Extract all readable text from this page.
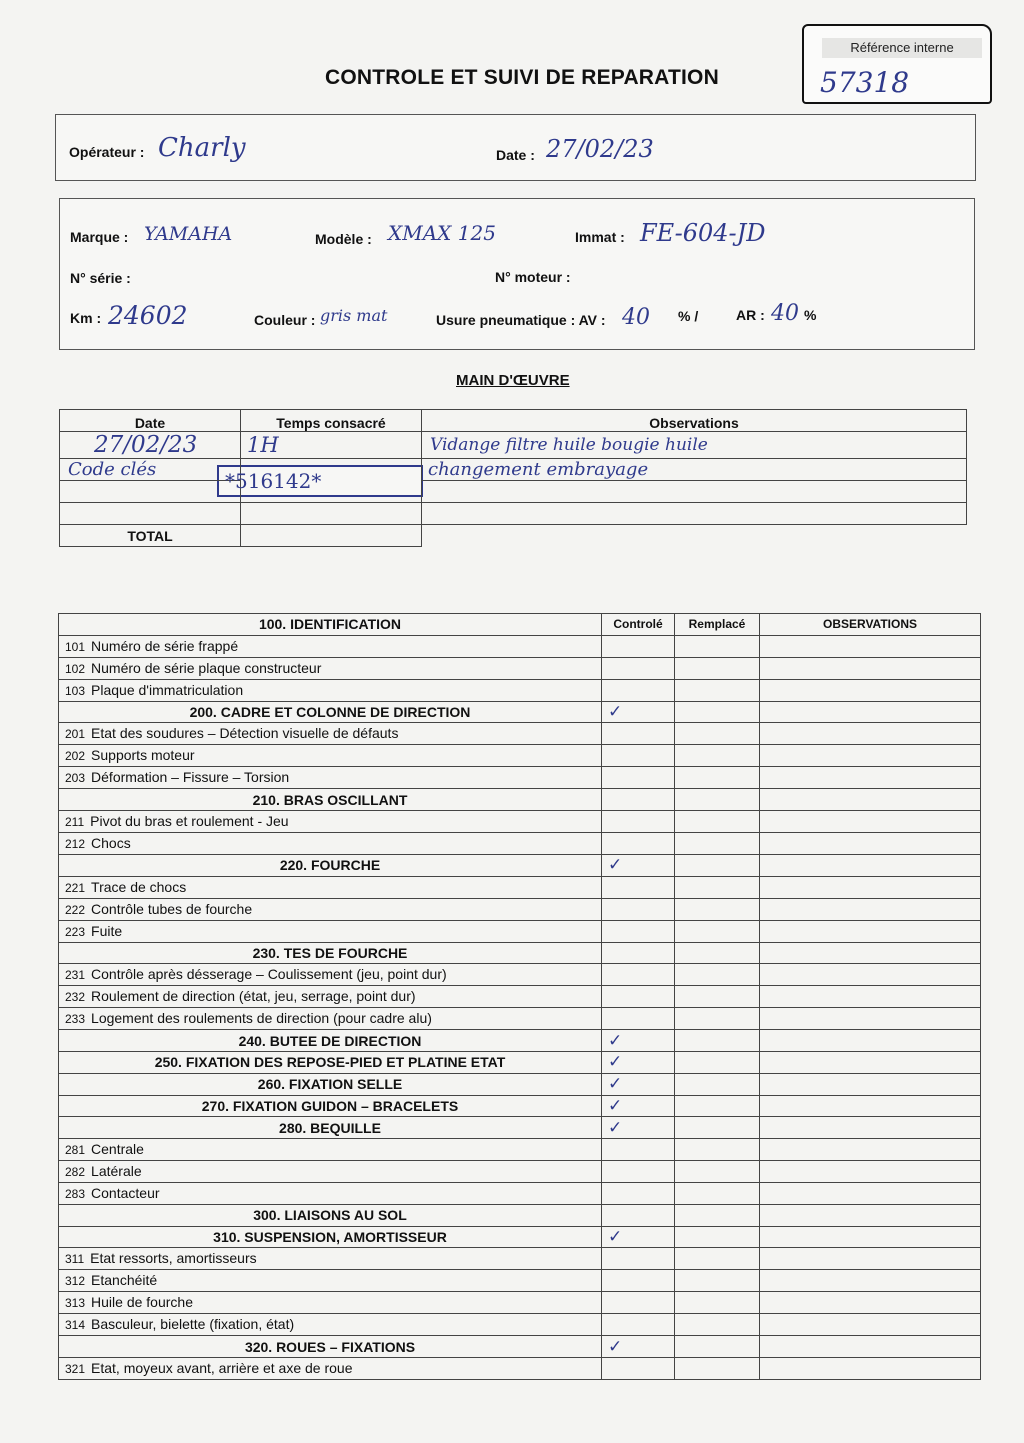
CONTROLE ET SUIVI DE REPARATION
Référence interne
57318
Opérateur : Charly	Date : 27/02/23
Marque : YAMAHA	Modèle : XMAX 125	Immat : FE-604-JD
N° série :	N° moteur :
Km : 24602	Couleur : gris mat	Usure pneumatique : AV : 40 % /	AR : 40 %
MAIN D'ŒUVRE
Date	Temps consacré	Observations
27/02/23	1H	Vidange filtre huile bougie huile
Code clés	*516142*	changement embrayage

TOTAL		
100. IDENTIFICATION	Controlé	Remplacé	OBSERVATIONS
101 Numéro de série frappé			
102 Numéro de série plaque constructeur			
103 Plaque d'immatriculation			
200. CADRE ET COLONNE DE DIRECTION	✓		
201 Etat des soudures – Détection visuelle de défauts			
202 Supports moteur			
203 Déformation – Fissure – Torsion			
210. BRAS OSCILLANT			
211 Pivot du bras et roulement - Jeu			
212 Chocs			
220. FOURCHE	✓		
221 Trace de chocs			
222 Contrôle tubes de fourche			
223 Fuite			
230. TES DE FOURCHE			
231 Contrôle après désserage – Coulissement (jeu, point dur)			
232 Roulement de direction (état, jeu, serrage, point dur)			
233 Logement des roulements de direction (pour cadre alu)			
240. BUTEE DE DIRECTION	✓		
250. FIXATION DES REPOSE-PIED ET PLATINE ETAT	✓		
260. FIXATION SELLE	✓		
270. FIXATION GUIDON – BRACELETS	✓		
280. BEQUILLE	✓		
281 Centrale			
282 Latérale			
283 Contacteur			
300. LIAISONS AU SOL			
310. SUSPENSION, AMORTISSEUR	✓		
311 Etat ressorts, amortisseurs			
312 Etanchéité			
313 Huile de fourche			
314 Basculeur, bielette (fixation, état)			
320. ROUES – FIXATIONS	✓		
321 Etat, moyeux avant, arrière et axe de roue			
